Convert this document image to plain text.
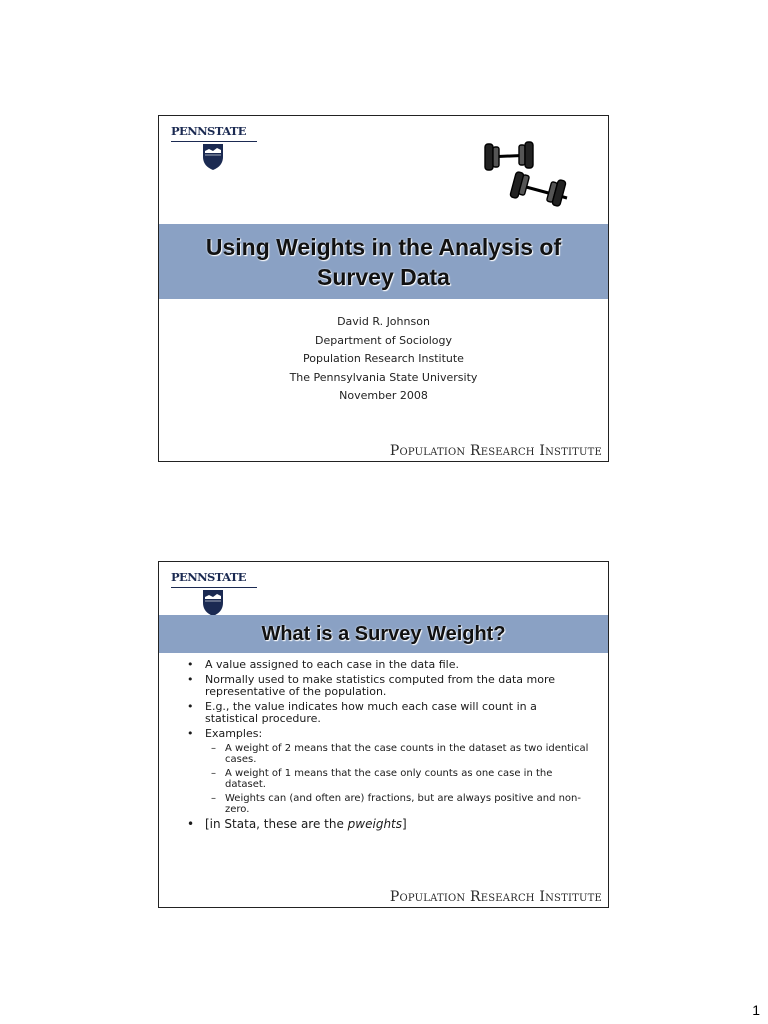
PENNSTATE
Using Weights in the Analysis of Survey Data
David R. Johnson
Department of Sociology
Population Research Institute
The Pennsylvania State University
November 2008
Population Research Institute
PENNSTATE
What is a Survey Weight?
• A value assigned to each case in the data file.
• Normally used to make statistics computed from the data more representative of the population.
• E.g., the value indicates how much each case will count in a statistical procedure.
• Examples:
– A weight of 2 means that the case counts in the dataset as two identical cases.
– A weight of 1 means that the case only counts as one case in the dataset.
– Weights can (and often are) fractions, but are always positive and non-zero.
• [in Stata, these are the pweights]
Population Research Institute
1
